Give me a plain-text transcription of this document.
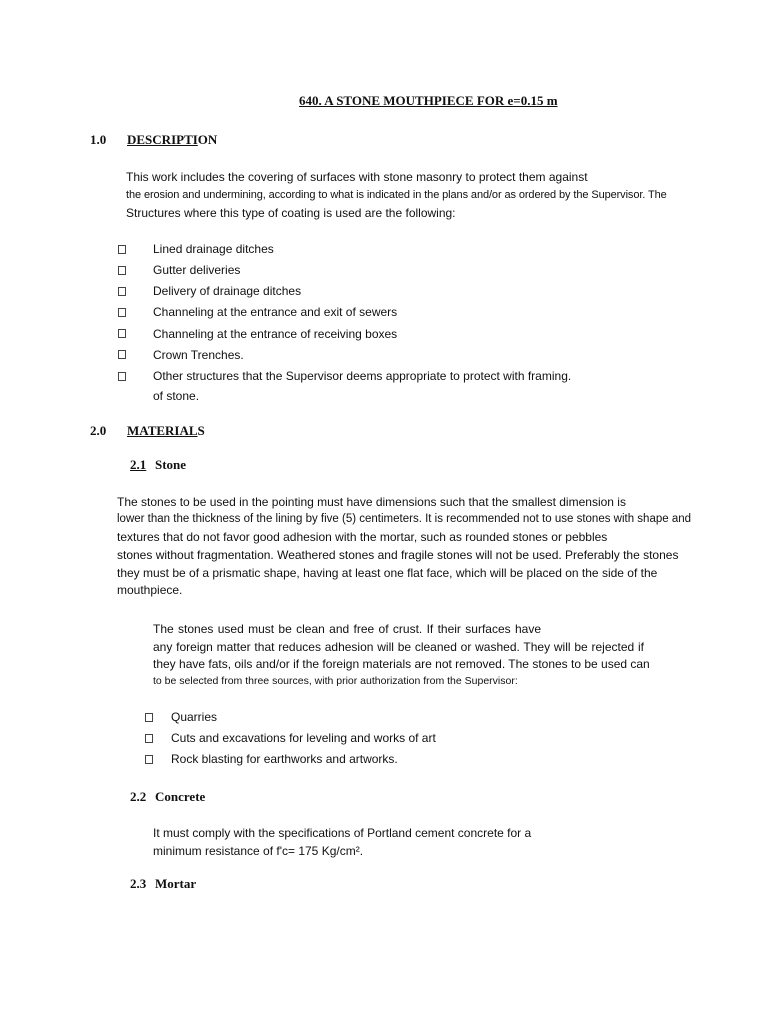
640. A STONE MOUTHPIECE FOR e=0.15 m
1.0 DESCRIPTION
This work includes the covering of surfaces with stone masonry to protect them against
the erosion and undermining, according to what is indicated in the plans and/or as ordered by the Supervisor. The
Structures where this type of coating is used are the following:
Lined drainage ditches
Gutter deliveries
Delivery of drainage ditches
Channeling at the entrance and exit of sewers
Channeling at the entrance of receiving boxes
Crown Trenches.
Other structures that the Supervisor deems appropriate to protect with framing.
of stone.
2.0 MATERIALS
2.1 Stone
The stones to be used in the pointing must have dimensions such that the smallest dimension is
lower than the thickness of the lining by five (5) centimeters. It is recommended not to use stones with shape and
textures that do not favor good adhesion with the mortar, such as rounded stones or pebbles
stones without fragmentation. Weathered stones and fragile stones will not be used. Preferably the stones
they must be of a prismatic shape, having at least one flat face, which will be placed on the side of the
mouthpiece.
The stones used must be clean and free of crust. If their surfaces have
any foreign matter that reduces adhesion will be cleaned or washed. They will be rejected if
they have fats, oils and/or if the foreign materials are not removed. The stones to be used can
to be selected from three sources, with prior authorization from the Supervisor:
Quarries
Cuts and excavations for leveling and works of art
Rock blasting for earthworks and artworks.
2.2 Concrete
It must comply with the specifications of Portland cement concrete for a
minimum resistance of f'c= 175 Kg/cm².
2.3 Mortar
